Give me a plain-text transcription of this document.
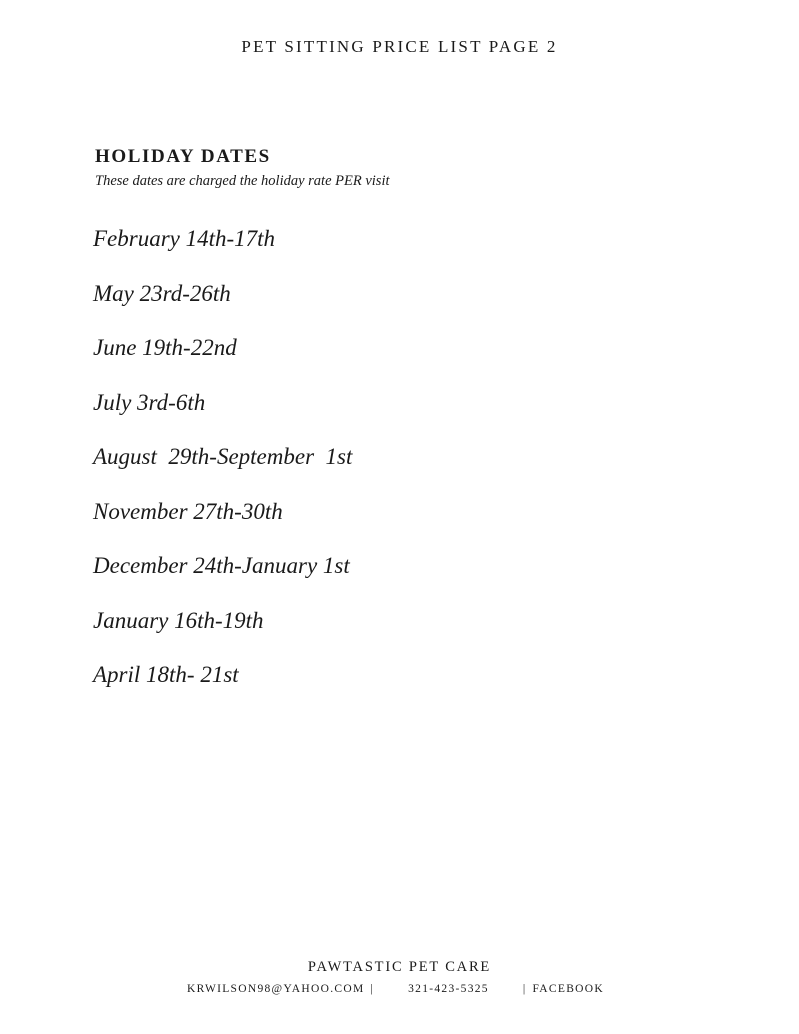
PET SITTING PRICE LIST PAGE 2
HOLIDAY DATES
These dates are charged the holiday rate PER visit
February 14th-17th
May 23rd-26th
June 19th-22nd
July 3rd-6th
August  29th-September  1st
November 27th-30th
December 24th-January 1st
January 16th-19th
April 18th- 21st
PAWTASTIC PET CARE
KRWILSON98@YAHOO.COM |	321-423-5325	| FACEBOOK
